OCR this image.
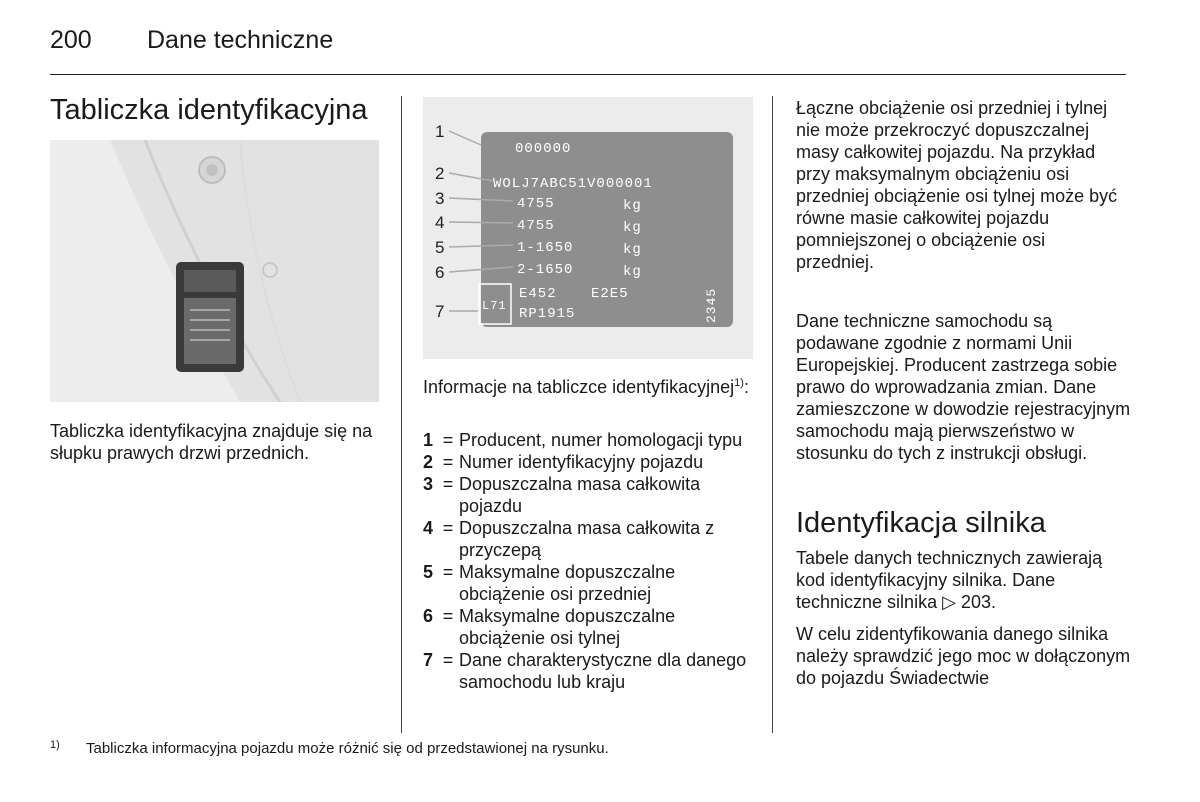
200 Dane techniczne
Tabliczka identyfikacyjna

Tabliczka identyfikacyjna znajduje się na słupku prawych drzwi przednich.

1
2
3
4
5
6
7
000000
WOLJ7ABC51V000001
4755	kg
4755	kg
1-1650	kg
2-1650	kg
L71
E452 E2E5
RP1915	2345

Informacje na tabliczce identyfikacyjnej$^{1)}$:

1 = Producent, numer homologacji typu
2 = Numer identyfikacyjny pojazdu
3 = Dopuszczalna masa całkowita pojazdu
4 = Dopuszczalna masa całkowita z przyczepą
5 = Maksymalne dopuszczalne obciążenie osi przedniej
6 = Maksymalne dopuszczalne obciążenie osi tylnej
7 = Dane charakterystyczne dla danego samochodu lub kraju

Łączne obciążenie osi przedniej i tylnej nie może przekroczyć dopuszczalnej masy całkowitej pojazdu. Na przykład przy maksymalnym obciążeniu osi przedniej obciążenie osi tylnej może być równe masie całkowitej pojazdu pomniejszonej o obciążenie osi przedniej.

Dane techniczne samochodu są podawane zgodnie z normami Unii Europejskiej. Producent zastrzega sobie prawo do wprowadzania zmian. Dane zamieszczone w dowodzie rejestracyjnym samochodu mają pierwszeństwo w stosunku do tych z instrukcji obsługi.

Identyfikacja silnika

Tabele danych technicznych zawierają kod identyfikacyjny silnika. Dane techniczne silnika ▷ 203.

W celu zidentyfikowania danego silnika należy sprawdzić jego moc w dołączonym do pojazdu Świadectwie

1) Tabliczka informacyjna pojazdu może różnić się od przedstawionej na rysunku.
